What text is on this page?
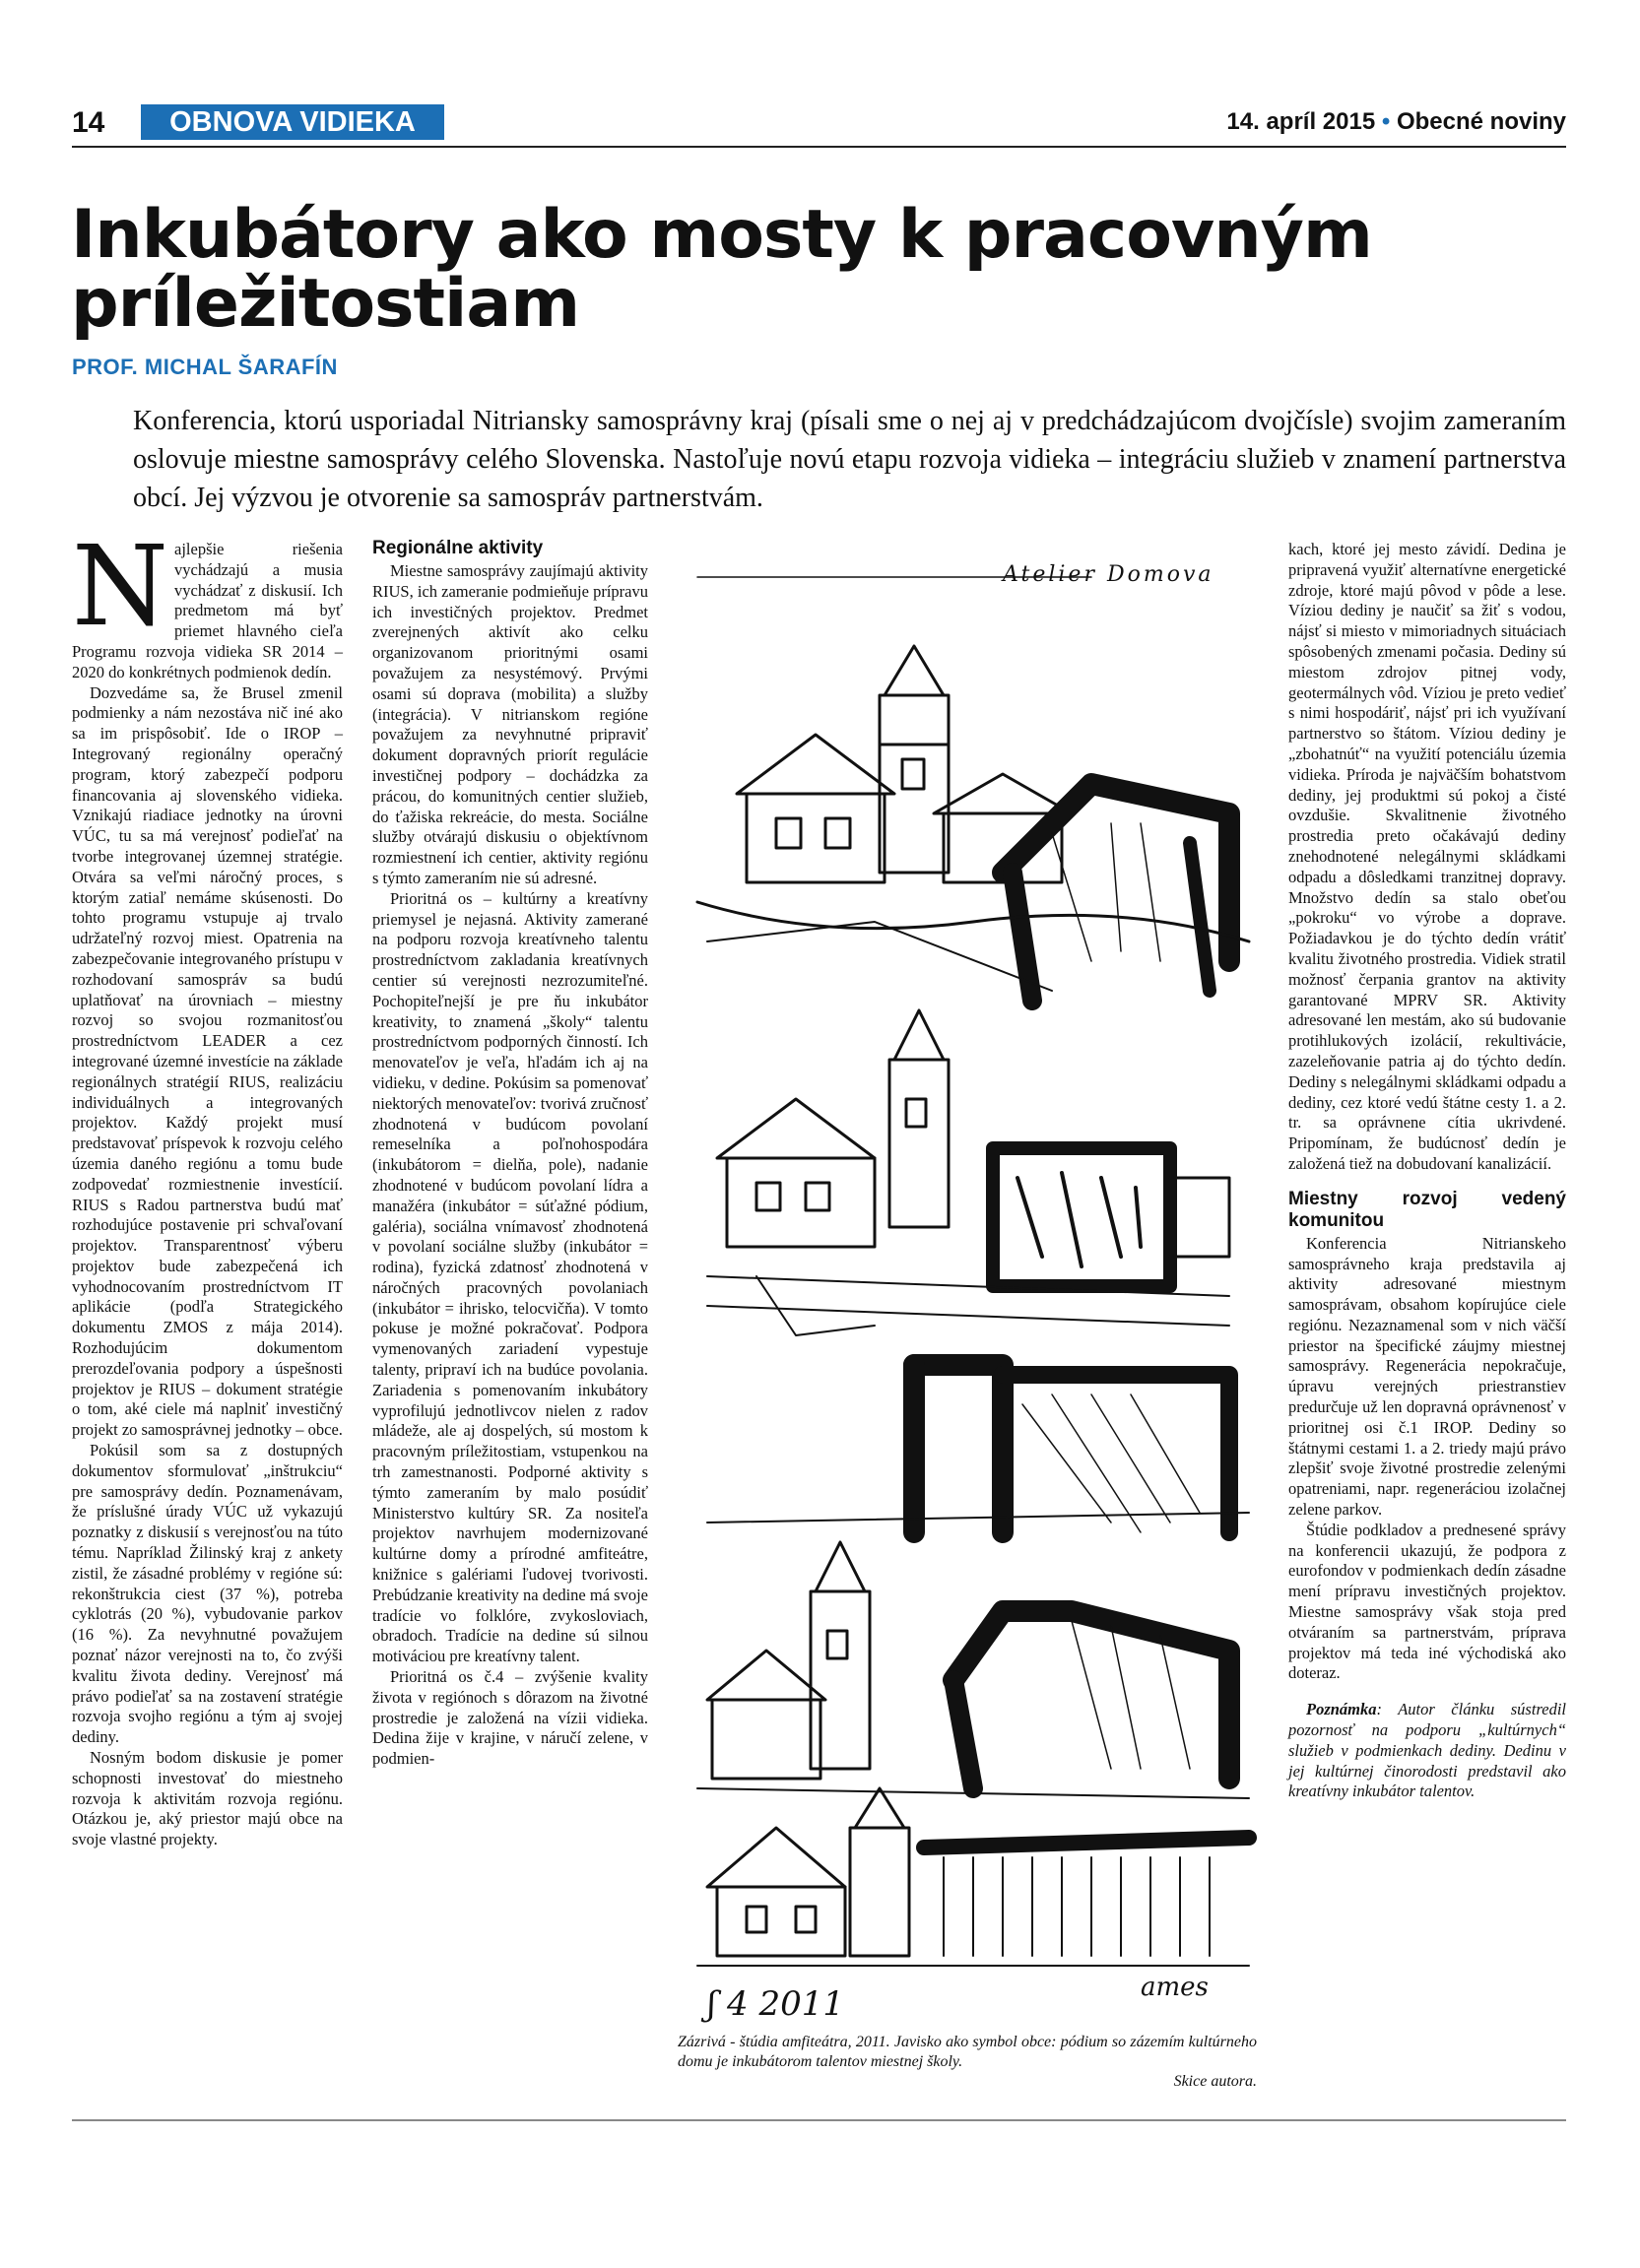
14	OBNOVA VIDIEKA	14. apríl 2015 • Obecné noviny
Inkubátory ako mosty k pracovným príležitostiam
PROF. MICHAL ŠARAFÍN
Konferencia, ktorú usporiadal Nitriansky samosprávny kraj (písali sme o nej aj v predchádzajúcom dvojčísle) svojim zameraním oslovuje miestne samosprávy celého Slovenska. Nastoľuje novú etapu rozvoja vidieka – integráciu služieb v znamení partnerstva obcí. Jej výzvou je otvorenie sa samospráv partnerstvám.

Najlepšie riešenia vychádzajú a musia vychádzať z diskusií. Ich predmetom má byť priemet hlavného cieľa Programu rozvoja vidieka SR 2014 – 2020 do konkrétnych podmienok dedín.

Dozvedáme sa, že Brusel zmenil podmienky a nám nezostáva nič iné ako sa im prispôsobiť. Ide o IROP – Integrovaný regionálny operačný program, ktorý zabezpečí podporu financovania aj slovenského vidieka. Vznikajú riadiace jednotky na úrovni VÚC, tu sa má verejnosť podieľať na tvorbe integrovanej územnej stratégie. Otvára sa veľmi náročný proces, s ktorým zatiaľ nemáme skúsenosti. Do tohto programu vstupuje aj trvalo udržateľný rozvoj miest. Opatrenia na zabezpečovanie integrovaného prístupu v rozhodovaní samospráv sa budú uplatňovať na úrovniach – miestny rozvoj so svojou rozmanitosťou prostredníctvom LEADER a cez integrované územné investície na základe regionálnych stratégií RIUS, realizáciu individuálnych a integrovaných projektov. Každý projekt musí predstavovať príspevok k rozvoju celého územia daného regiónu a tomu bude zodpovedať rozmiestnenie investícií. RIUS s Radou partnerstva budú mať rozhodujúce postavenie pri schvaľovaní projektov. Transparentnosť výberu projektov bude zabezpečená ich vyhodnocovaním prostredníctvom IT aplikácie (podľa Strategického dokumentu ZMOS z mája 2014). Rozhodujúcim dokumentom prerozdeľovania podpory a úspešnosti projektov je RIUS – dokument stratégie o tom, aké ciele má naplniť investičný projekt zo samosprávnej jednotky – obce.

Pokúsil som sa z dostupných dokumentov sformulovať „inštrukciu“ pre samosprávy dedín. Poznamenávam, že príslušné úrady VÚC už vykazujú poznatky z diskusií s verejnosťou na túto tému. Napríklad Žilinský kraj z ankety zistil, že zásadné problémy v regióne sú: rekonštrukcia ciest (37 %), potreba cyklotrás (20 %), vybudovanie parkov (16 %). Za nevyhnutné považujem poznať názor verejnosti na to, čo zvýši kvalitu života dediny. Verejnosť má právo podieľať sa na zostavení stratégie rozvoja svojho regiónu a tým aj svojej dediny.

Nosným bodom diskusie je pomer schopnosti investovať do miestneho rozvoja k aktivitám rozvoja regiónu. Otázkou je, aký priestor majú obce na svoje vlastné projekty.

Regionálne aktivity

Miestne samosprávy zaujímajú aktivity RIUS, ich zameranie podmieňuje prípravu ich investičných projektov. Predmet zverejnených aktivít ako celku organizovanom prioritnými osami považujem za nesystémový. Prvými osami sú doprava (mobilita) a služby (integrácia). V nitrianskom regióne považujem za nevyhnutné pripraviť dokument dopravných priorít regulácie investičnej podpory – dochádzka za prácou, do komunitných centier služieb, do ťažiska rekreácie, do mesta. Sociálne služby otvárajú diskusiu o objektívnom rozmiestnení ich centier, aktivity regiónu s týmto zameraním nie sú adresné.

Prioritná os – kultúrny a kreatívny priemysel je nejasná. Aktivity zamerané na podporu rozvoja kreatívneho talentu prostredníctvom zakladania kreatívnych centier sú verejnosti nezrozumiteľné. Pochopiteľnejší je pre ňu inkubátor kreativity, to znamená „školy“ talentu prostredníctvom podporných činností. Ich menovateľov je veľa, hľadám ich aj na vidieku, v dedine. Pokúsim sa pomenovať niektorých menovateľov: tvorivá zručnosť zhodnotená v budúcom povolaní remeselníka a poľnohospodára (inkubátorom = dielňa, pole), nadanie zhodnotené v budúcom povolaní lídra a manažéra (inkubátor = súťažné pódium, galéria), sociálna vnímavosť zhodnotená v povolaní sociálne služby (inkubátor = rodina), fyzická zdatnosť zhodnotená v náročných pracovných povolaniach (inkubátor = ihrisko, telocvičňa). V tomto pokuse je možné pokračovať. Podpora vymenovaných zariadení vypestuje talenty, pripraví ich na budúce povolania. Zariadenia s pomenovaním inkubátory vyprofilujú jednotlivcov nielen z radov mládeže, ale aj dospelých, sú mostom k pracovným príležitostiam, vstupenkou na trh zamestnanosti. Podporné aktivity s týmto zameraním by malo posúdiť Ministerstvo kultúry SR. Za nositeľa projektov navrhujem modernizované kultúrne domy a prírodné amfiteátre, knižnice s galériami ľudovej tvorivosti. Prebúdzanie kreativity na dedine má svoje tradície vo folklóre, zvykosloviach, obradoch. Tradície na dedine sú silnou motiváciou pre kreatívny talent.

Prioritná os č.4 – zvýšenie kvality života v regiónoch s dôrazom na životné prostredie je založená na vízii vidieka. Dedina žije v krajine, v náručí zelene, v podmien-

Atelier Domova
ʃ 4 2011	ames
Zázrivá - štúdia amfiteátra, 2011. Javisko ako symbol obce: pódium so zázemím kultúrneho domu je inkubátorom talentov miestnej školy.
Skice autora.

kach, ktoré jej mesto závidí. Dedina je pripravená využiť alternatívne energetické zdroje, ktoré majú pôvod v pôde a lese. Víziou dediny je naučiť sa žiť s vodou, nájsť si miesto v mimoriadnych situáciach spôsobených zmenami počasia. Dediny sú miestom zdrojov pitnej vody, geotermálnych vôd. Víziou je preto vedieť s nimi hospodáriť, nájsť pri ich využívaní partnerstvo so štátom. Víziou dediny je „zbohatnúť“ na využití potenciálu územia vidieka. Príroda je najväčším bohatstvom dediny, jej produktmi sú pokoj a čisté ovzdušie. Skvalitnenie životného prostredia preto očakávajú dediny znehodnotené nelegálnymi skládkami odpadu a dôsledkami tranzitnej dopravy. Množstvo dedín sa stalo obeťou „pokroku“ vo výrobe a doprave. Požiadavkou je do týchto dedín vrátiť kvalitu životného prostredia. Vidiek stratil možnosť čerpania grantov na aktivity garantované MPRV SR. Aktivity adresované len mestám, ako sú budovanie protihlukových izolácií, rekultivácie, zazeleňovanie patria aj do týchto dedín. Dediny s nelegálnymi skládkami odpadu a dediny, cez ktoré vedú štátne cesty 1. a 2. tr. sa oprávnene cítia ukrivdené. Pripomínam, že budúcnosť dedín je založená tiež na dobudovaní kanalizácií.

Miestny rozvoj vedený komunitou

Konferencia Nitrianskeho samosprávneho kraja predstavila aj aktivity adresované miestnym samosprávam, obsahom kopírujúce ciele regiónu. Nezaznamenal som v nich väčší priestor na špecifické záujmy miestnej samosprávy. Regenerácia nepokračuje, úpravu verejných priestranstiev predurčuje už len dopravná oprávnenosť v prioritnej osi č.1 IROP. Dediny so štátnymi cestami 1. a 2. triedy majú právo zlepšiť svoje životné prostredie zelenými opatreniami, napr. regeneráciou izolačnej zelene parkov.

Štúdie podkladov a prednesené správy na konferencii ukazujú, že podpora z eurofondov v podmienkach dedín zásadne mení prípravu investičných projektov. Miestne samosprávy však stoja pred otváraním sa partnerstvám, príprava projektov má teda iné východiská ako doteraz.

Poznámka: Autor článku sústredil pozornosť na podporu „kultúrnych“ služieb v podmienkach dediny. Dedinu v jej kultúrnej činorodosti predstavil ako kreatívny inkubátor talentov.
